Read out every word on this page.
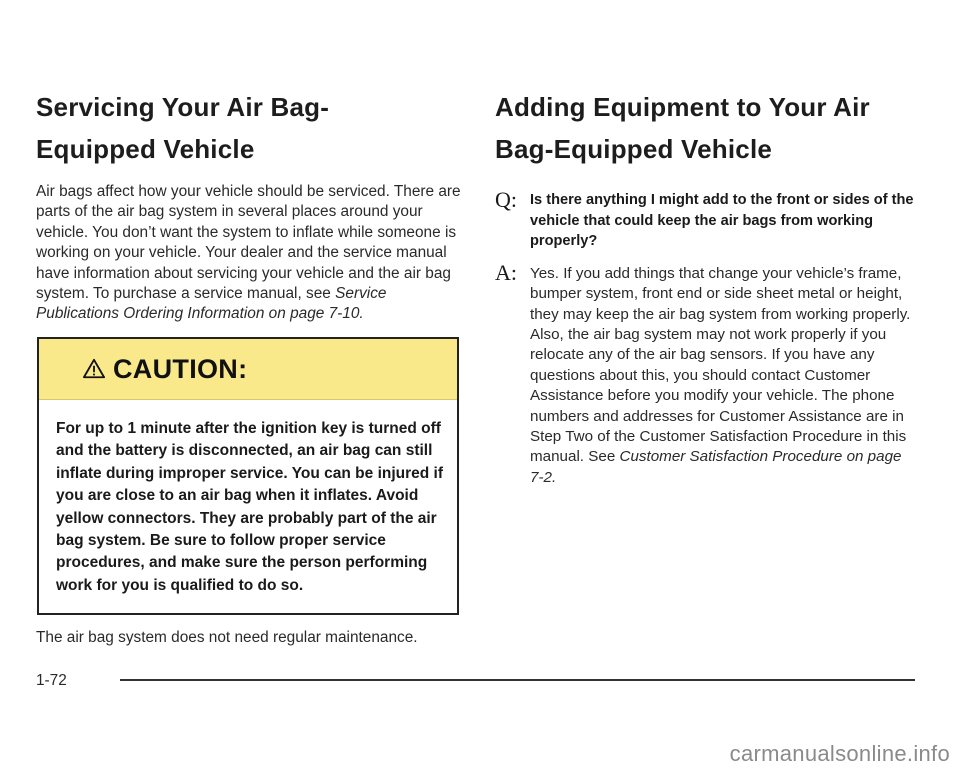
Servicing Your Air Bag-Equipped Vehicle

Air bags affect how your vehicle should be serviced. There are parts of the air bag system in several places around your vehicle. You don’t want the system to inflate while someone is working on your vehicle. Your dealer and the service manual have information about servicing your vehicle and the air bag system. To purchase a service manual, see Service Publications Ordering Information on page 7-10.

CAUTION:
For up to 1 minute after the ignition key is turned off and the battery is disconnected, an air bag can still inflate during improper service. You can be injured if you are close to an air bag when it inflates. Avoid yellow connectors. They are probably part of the air bag system. Be sure to follow proper service procedures, and make sure the person performing work for you is qualified to do so.
The air bag system does not need regular maintenance.
1-72
Adding Equipment to Your Air Bag-Equipped Vehicle
Q: Is there anything I might add to the front or sides of the vehicle that could keep the air bags from working properly?
A: Yes. If you add things that change your vehicle’s frame, bumper system, front end or side sheet metal or height, they may keep the air bag system from working properly. Also, the air bag system may not work properly if you relocate any of the air bag sensors. If you have any questions about this, you should contact Customer Assistance before you modify your vehicle. The phone numbers and addresses for Customer Assistance are in Step Two of the Customer Satisfaction Procedure in this manual. See Customer Satisfaction Procedure on page 7-2.
carmanualsonline.info
